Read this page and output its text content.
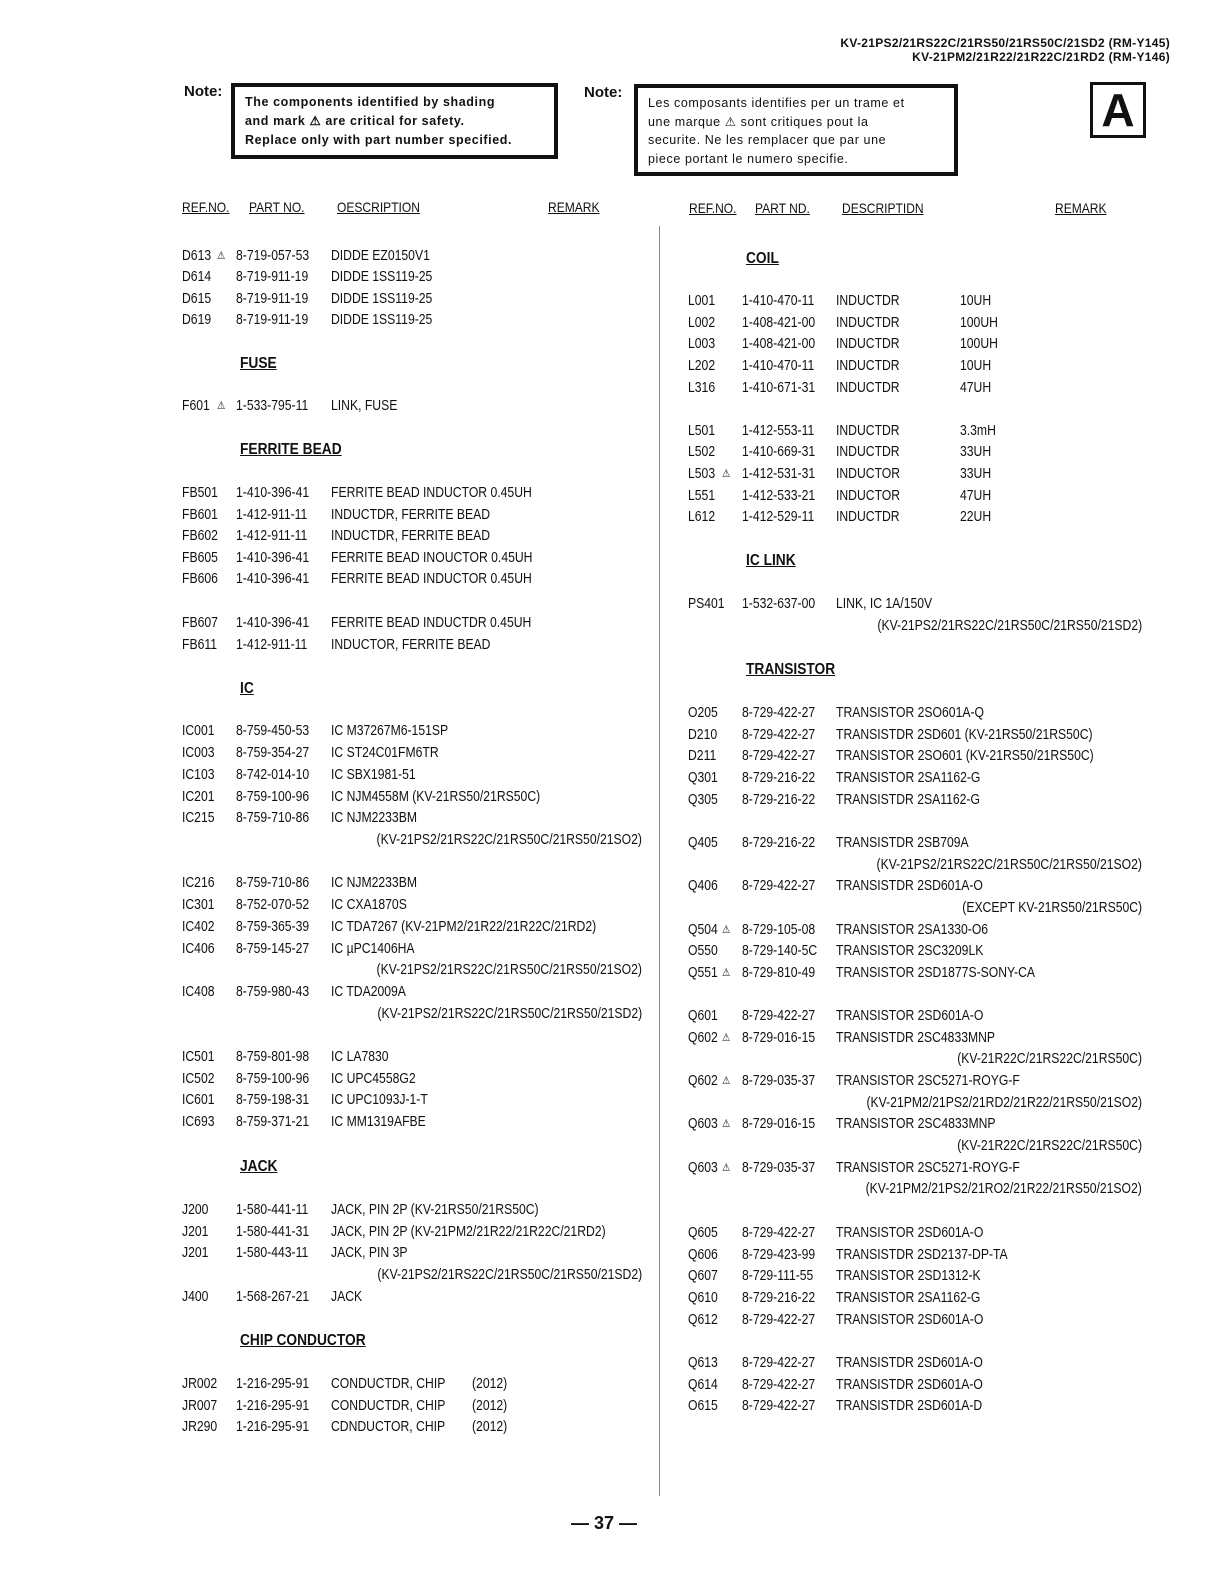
KV-21PS2/21RS22C/21RS50/21RS50C/21SD2 (RM-Y145)
KV-21PM2/21R22/21R22C/21RD2 (RM-Y146)
Note:
The components identified by shading
and mark ⚠ are critical for safety.
Replace only with part number specified.
Note:
Les composants identifies per un trame et
une marque ⚠ sont critiques pout la
securite. Ne les remplacer que par une
piece portant le numero specifie.
A
REF.NO. PART NO. OESCRIPTION	REMARK	REF.NO. PART ND. DESCRIPTIDN	REMARK
D613 ⚠ 8-719-057-53 DIDDE EZ0150V1
D614 8-719-911-19 DIDDE 1SS119-25
D615 8-719-911-19 DIDDE 1SS119-25
D619 8-719-911-19 DIDDE 1SS119-25
FUSE
F601 ⚠ 1-533-795-11 LINK, FUSE
FERRITE BEAD
FB501 1-410-396-41 FERRITE BEAD INDUCTOR 0.45UH
FB601 1-412-911-11 INDUCTDR, FERRITE BEAD
FB602 1-412-911-11 INDUCTDR, FERRITE BEAD
FB605 1-410-396-41 FERRITE BEAD INOUCTOR 0.45UH
FB606 1-410-396-41 FERRITE BEAD INDUCTOR 0.45UH
FB607 1-410-396-41 FERRITE BEAD INDUCTDR 0.45UH
FB611 1-412-911-11 INDUCTOR, FERRITE BEAD
IC
IC001 8-759-450-53 IC M37267M6-151SP
IC003 8-759-354-27 IC ST24C01FM6TR
IC103 8-742-014-10 IC SBX1981-51
IC201 8-759-100-96 IC NJM4558M (KV-21RS50/21RS50C)
IC215 8-759-710-86 IC NJM2233BM
(KV-21PS2/21RS22C/21RS50C/21RS50/21SO2)
IC216 8-759-710-86 IC NJM2233BM
IC301 8-752-070-52 IC CXA1870S
IC402 8-759-365-39 IC TDA7267 (KV-21PM2/21R22/21R22C/21RD2)
IC406 8-759-145-27 IC µPC1406HA
(KV-21PS2/21RS22C/21RS50C/21RS50/21SO2)
IC408 8-759-980-43 IC TDA2009A
(KV-21PS2/21RS22C/21RS50C/21RS50/21SD2)
IC501 8-759-801-98 IC LA7830
IC502 8-759-100-96 IC UPC4558G2
IC601 8-759-198-31 IC UPC1093J-1-T
IC693 8-759-371-21 IC MM1319AFBE
JACK
J200 1-580-441-11 JACK, PIN 2P (KV-21RS50/21RS50C)
J201 1-580-441-31 JACK, PIN 2P (KV-21PM2/21R22/21R22C/21RD2)
J201 1-580-443-11 JACK, PIN 3P
(KV-21PS2/21RS22C/21RS50C/21RS50/21SD2)
J400 1-568-267-21 JACK
CHIP CONDUCTOR
JR002 1-216-295-91 CONDUCTDR, CHIP (2012)
JR007 1-216-295-91 CONDUCTDR, CHIP (2012)
JR290 1-216-295-91 CDNDUCTOR, CHIP (2012)
COIL
L001 1-410-470-11 INDUCTDR	10UH
L002 1-408-421-00 INDUCTDR	100UH
L003 1-408-421-00 INDUCTDR	100UH
L202 1-410-470-11 INDUCTDR	10UH
L316 1-410-671-31 INDUCTDR	47UH
L501 1-412-553-11 INDUCTDR	3.3mH
L502 1-410-669-31 INDUCTDR	33UH
L503 ⚠ 1-412-531-31 INDUCTOR	33UH
L551 1-412-533-21 INDUCTOR	47UH
L612 1-412-529-11 INDUCTDR	22UH
IC LINK
PS401 1-532-637-00 LINK, IC 1A/150V
(KV-21PS2/21RS22C/21RS50C/21RS50/21SD2)
TRANSISTOR
O205 8-729-422-27 TRANSISTOR 2SO601A-Q
D210 8-729-422-27 TRANSISTDR 2SD601 (KV-21RS50/21RS50C)
D211 8-729-422-27 TRANSISTOR 2SO601 (KV-21RS50/21RS50C)
Q301 8-729-216-22 TRANSISTOR 2SA1162-G
Q305 8-729-216-22 TRANSISTDR 2SA1162-G
Q405 8-729-216-22 TRANSISTDR 2SB709A
(KV-21PS2/21RS22C/21RS50C/21RS50/21SO2)
Q406 8-729-422-27 TRANSISTDR 2SD601A-O
(EXCEPT KV-21RS50/21RS50C)
Q504 ⚠ 8-729-105-08 TRANSISTOR 2SA1330-O6
O550 8-729-140-5C TRANSISTOR 2SC3209LK
Q551 ⚠ 8-729-810-49 TRANSISTOR 2SD1877S-SONY-CA
Q601 8-729-422-27 TRANSISTOR 2SD601A-O
Q602 ⚠ 8-729-016-15 TRANSISTDR 2SC4833MNP
(KV-21R22C/21RS22C/21RS50C)
Q602 ⚠ 8-729-035-37 TRANSISTOR 2SC5271-ROYG-F
(KV-21PM2/21PS2/21RD2/21R22/21RS50/21SO2)
Q603 ⚠ 8-729-016-15 TRANSISTOR 2SC4833MNP
(KV-21R22C/21RS22C/21RS50C)
Q603 ⚠ 8-729-035-37 TRANSISTOR 2SC5271-ROYG-F
(KV-21PM2/21PS2/21RO2/21R22/21RS50/21SO2)
Q605 8-729-422-27 TRANSISTOR 2SD601A-O
Q606 8-729-423-99 TRANSISTDR 2SD2137-DP-TA
Q607 8-729-111-55 TRANSISTOR 2SD1312-K
Q610 8-729-216-22 TRANSISTOR 2SA1162-G
Q612 8-729-422-27 TRANSISTOR 2SD601A-O
Q613 8-729-422-27 TRANSISTDR 2SD601A-O
Q614 8-729-422-27 TRANSISTDR 2SD601A-O
O615 8-729-422-27 TRANSISTDR 2SD601A-D
— 37 —
